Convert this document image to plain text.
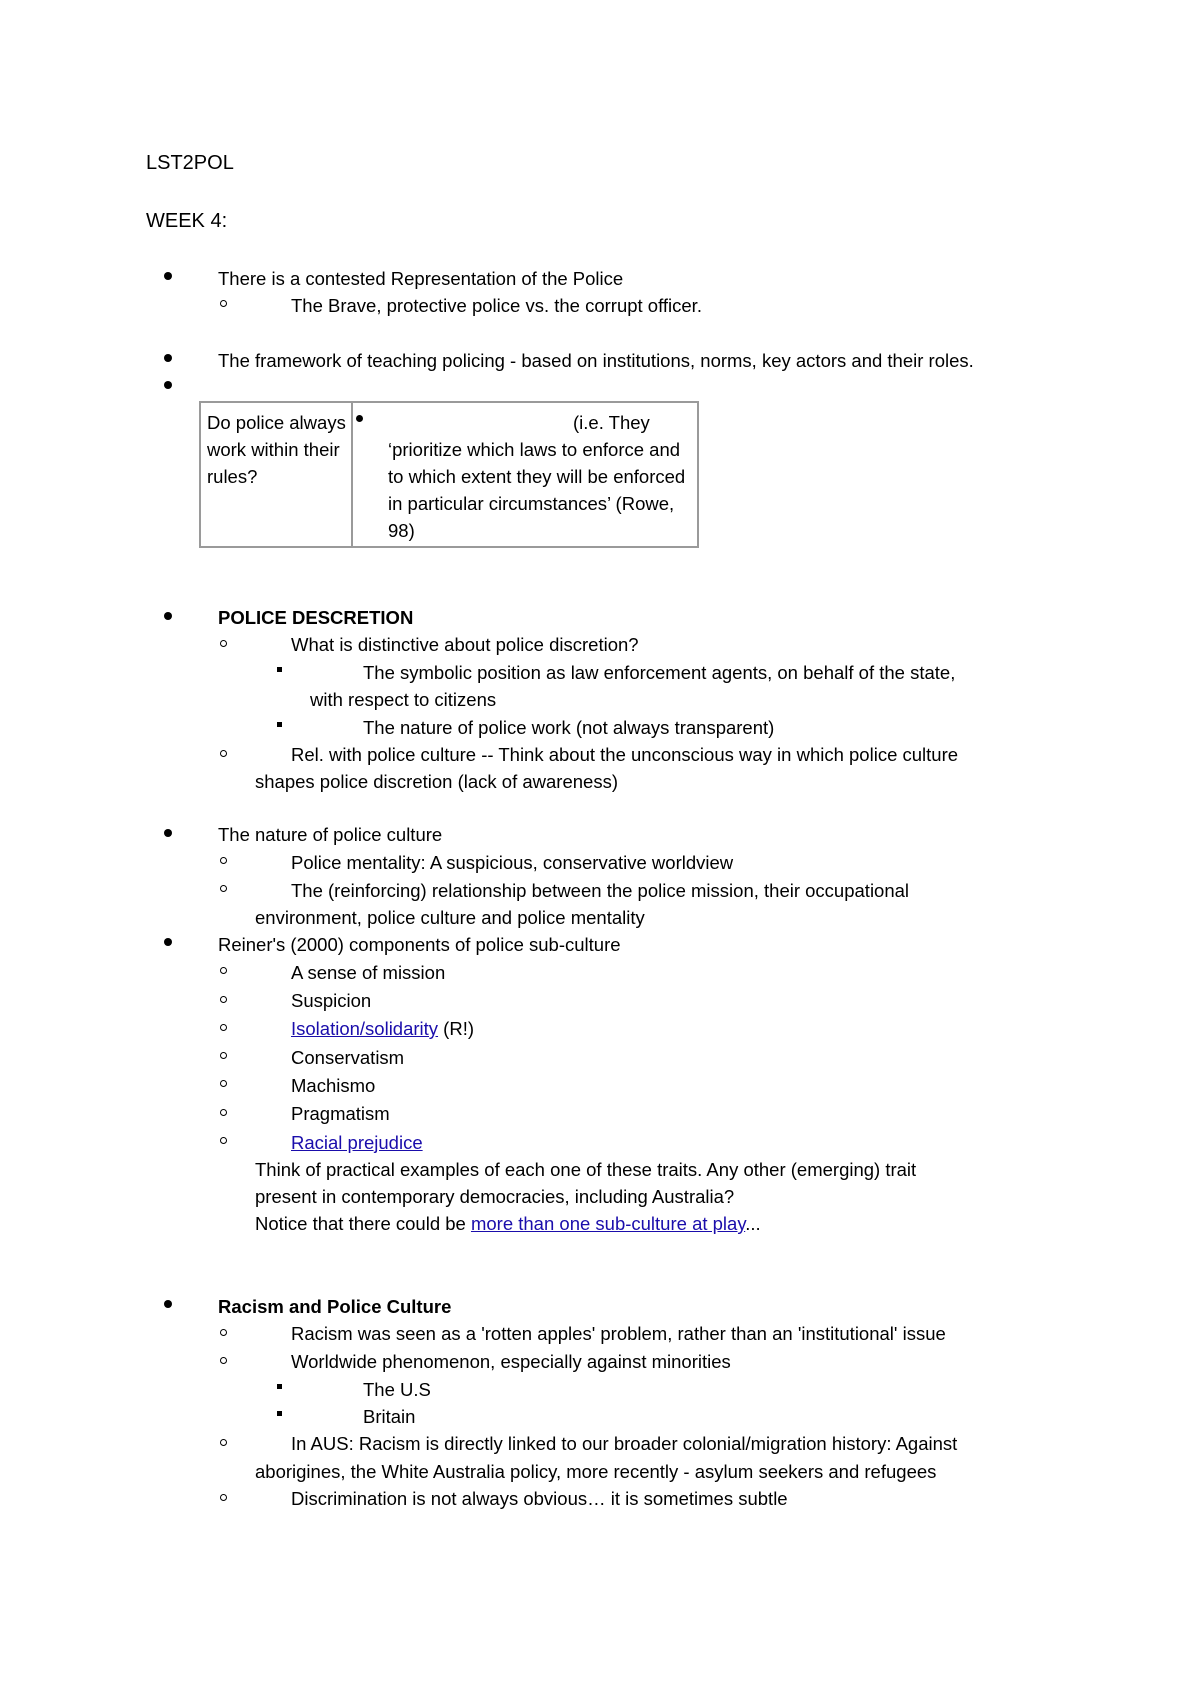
LST2POL
WEEK 4:
There is a contested Representation of the Police
The Brave, protective police vs. the corrupt officer.
The framework of teaching policing - based on institutions, norms, key actors and their roles.
Do police always work within their rules?
(i.e. They
‘prioritize which laws to enforce and to which extent they will be enforced in particular circumstances’ (Rowe, 98)
POLICE DESCRETION
What is distinctive about police discretion?
The symbolic position as law enforcement agents, on behalf of the state,
with respect to citizens
The nature of police work (not always transparent)
Rel. with police culture -- Think about the unconscious way in which police culture
shapes police discretion (lack of awareness)
The nature of police culture
Police mentality: A suspicious, conservative worldview
The (reinforcing) relationship between the police mission, their occupational
environment, police culture and police mentality
Reiner's (2000) components of police sub-culture
A sense of mission
Suspicion
Isolation/solidarity (R!)
Conservatism
Machismo
Pragmatism
Racial prejudice
Think of practical examples of each one of these traits. Any other (emerging) trait
present in contemporary democracies, including Australia?
Notice that there could be more than one sub-culture at play...
Racism and Police Culture
Racism was seen as a 'rotten apples' problem, rather than an 'institutional' issue
Worldwide phenomenon, especially against minorities
The U.S
Britain
In AUS: Racism is directly linked to our broader colonial/migration history: Against
aborigines, the White Australia policy, more recently - asylum seekers and refugees
Discrimination is not always obvious… it is sometimes subtle
